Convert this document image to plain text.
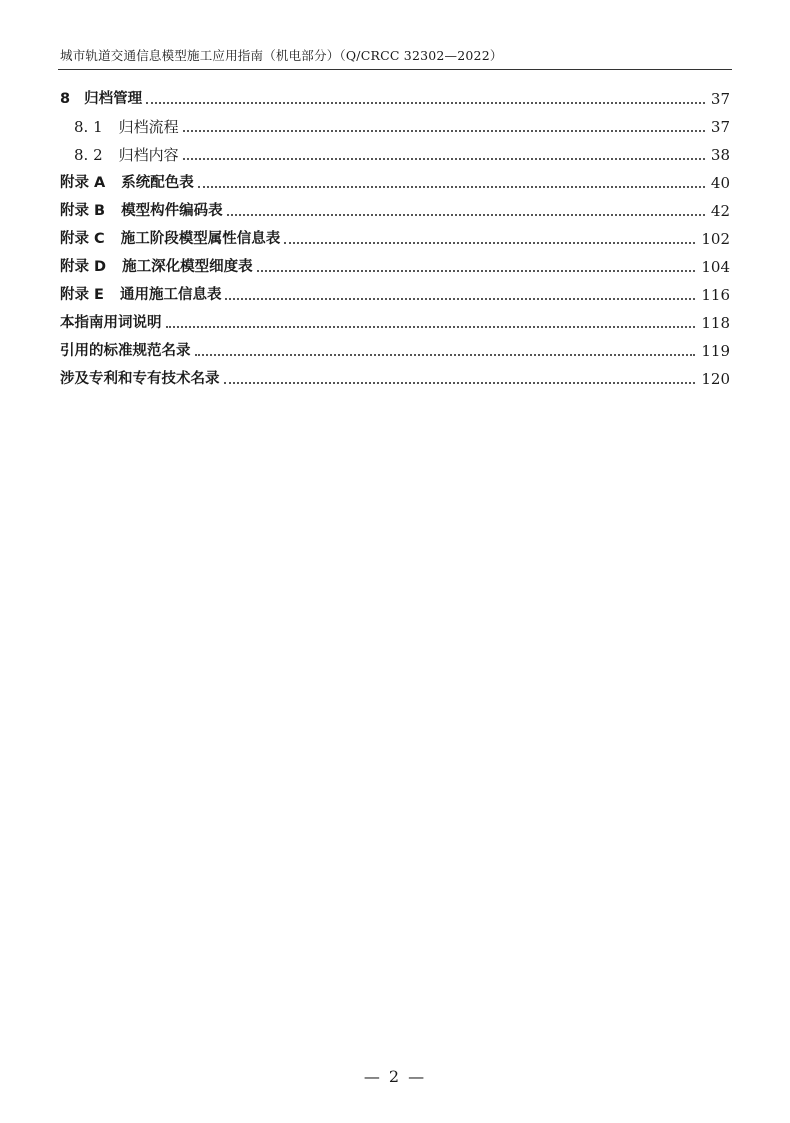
城市轨道交通信息模型施工应用指南（机电部分）（Q/CRCC 32302—2022）
8 归档管理	37
8. 1 归档流程	37
8. 2 归档内容	38
附录 A 系统配色表	40
附录 B 模型构件编码表	42
附录 C 施工阶段模型属性信息表	102
附录 D 施工深化模型细度表	104
附录 E 通用施工信息表	116
本指南用词说明	118
引用的标准规范名录	119
涉及专利和专有技术名录	120
— 2 —
